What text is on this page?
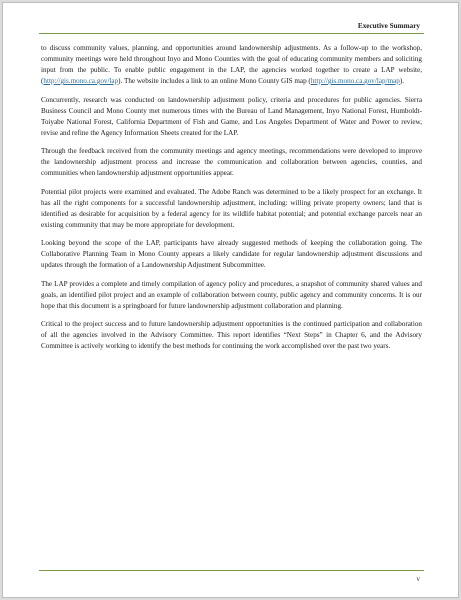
Executive Summary

to discuss community values, planning, and opportunities around landownership adjustments. As a follow-up to the workshop, community meetings were held throughout Inyo and Mono Counties with the goal of educating community members and soliciting input from the public. To enable public engagement in the LAP, the agencies worked together to create a LAP website, (http://gis.mono.ca.gov/lap). The website includes a link to an online Mono County GIS map (http://gis.mono.ca.gov/lap/map).

Concurrently, research was conducted on landownership adjustment policy, criteria and procedures for public agencies. Sierra Business Council and Mono County met numerous times with the Bureau of Land Management, Inyo National Forest, Humboldt-Toiyabe National Forest, California Department of Fish and Game, and Los Angeles Department of Water and Power to review, revise and refine the Agency Information Sheets created for the LAP.

Through the feedback received from the community meetings and agency meetings, recommendations were developed to improve the landownership adjustment process and increase the communication and collaboration between agencies, counties, and communities when landownership adjustment opportunities appear.

Potential pilot projects were examined and evaluated. The Adobe Ranch was determined to be a likely prospect for an exchange. It has all the right components for a successful landownership adjustment, including: willing private property owners; land that is identified as desirable for acquisition by a federal agency for its wildlife habitat potential; and potential exchange parcels near an existing community that may be more appropriate for development.

Looking beyond the scope of the LAP, participants have already suggested methods of keeping the collaboration going. The Collaborative Planning Team in Mono County appears a likely candidate for regular landownership adjustment discussions and updates through the formation of a Landownership Adjustment Subcommittee.

The LAP provides a complete and timely compilation of agency policy and procedures, a snapshot of community shared values and goals, an identified pilot project and an example of collaboration between county, public agency and community concerns. It is our hope that this document is a springboard for future landownership adjustment collaboration and planning.

Critical to the project success and to future landownership adjustment opportunities is the continued participation and collaboration of all the agencies involved in the Advisory Committee. This report identifies “Next Steps” in Chapter 6, and the Advisory Committee is actively working to identify the best methods for continuing the work accomplished over the past two years.

v
